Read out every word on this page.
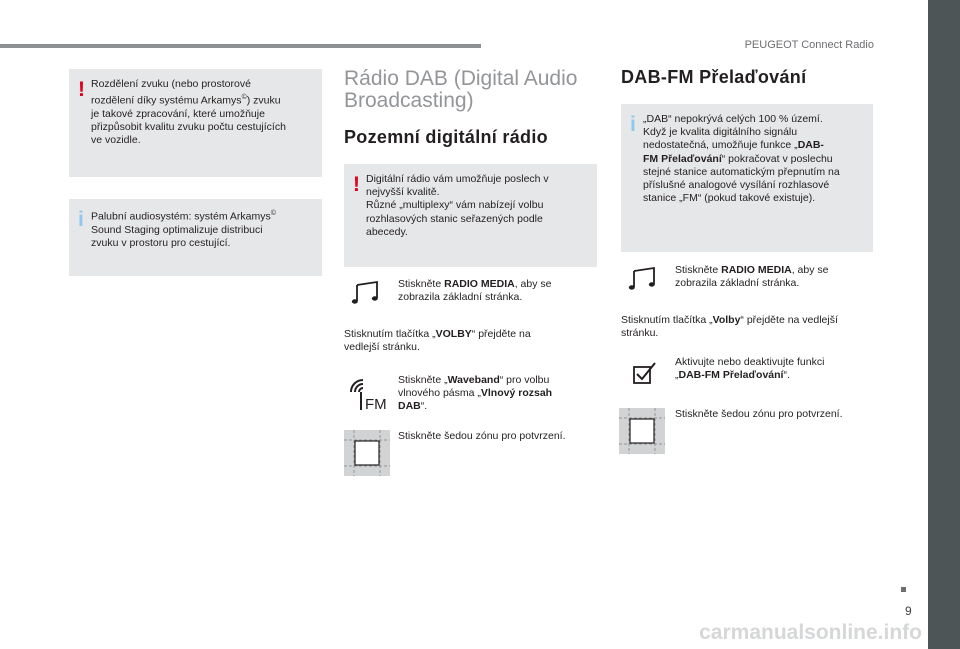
PEUGEOT Connect Radio
9
carmanualsonline.info
! Rozdělení zvuku (nebo prostorové
rozdělení díky systému Arkamys©) zvuku
je takové zpracování, které umožňuje
přizpůsobit kvalitu zvuku počtu cestujících
ve vozidle.
i Palubní audiosystém: systém Arkamys©
Sound Staging optimalizuje distribuci
zvuku v prostoru pro cestující.
Rádio DAB (Digital Audio
Broadcasting)
Pozemní digitální rádio
! Digitální rádio vám umožňuje poslech v
nejvyšší kvalitě.
Různé „multiplexy“ vám nabízejí volbu
rozhlasových stanic seřazených podle
abecedy.
Stiskněte RADIO MEDIA, aby se
zobrazila základní stránka.
Stisknutím tlačítka „VOLBY“ přejděte na
vedlejší stránku.
FM
Stiskněte „Waveband“ pro volbu
vlnového pásma „Vlnový rozsah
DAB“.
Stiskněte šedou zónu pro potvrzení.
DAB-FM Přelaďování
i „DAB“ nepokrývá celých 100 % území.
Když je kvalita digitálního signálu
nedostatečná, umožňuje funkce „DAB-
FM Přelaďování“ pokračovat v poslechu
stejné stanice automatickým přepnutím na
příslušné analogové vysílání rozhlasové
stanice „FM“ (pokud takové existuje).
Stiskněte RADIO MEDIA, aby se
zobrazila základní stránka.
Stisknutím tlačítka „Volby“ přejděte na vedlejší
stránku.
Aktivujte nebo deaktivujte funkci
„DAB-FM Přelaďování“.
Stiskněte šedou zónu pro potvrzení.
